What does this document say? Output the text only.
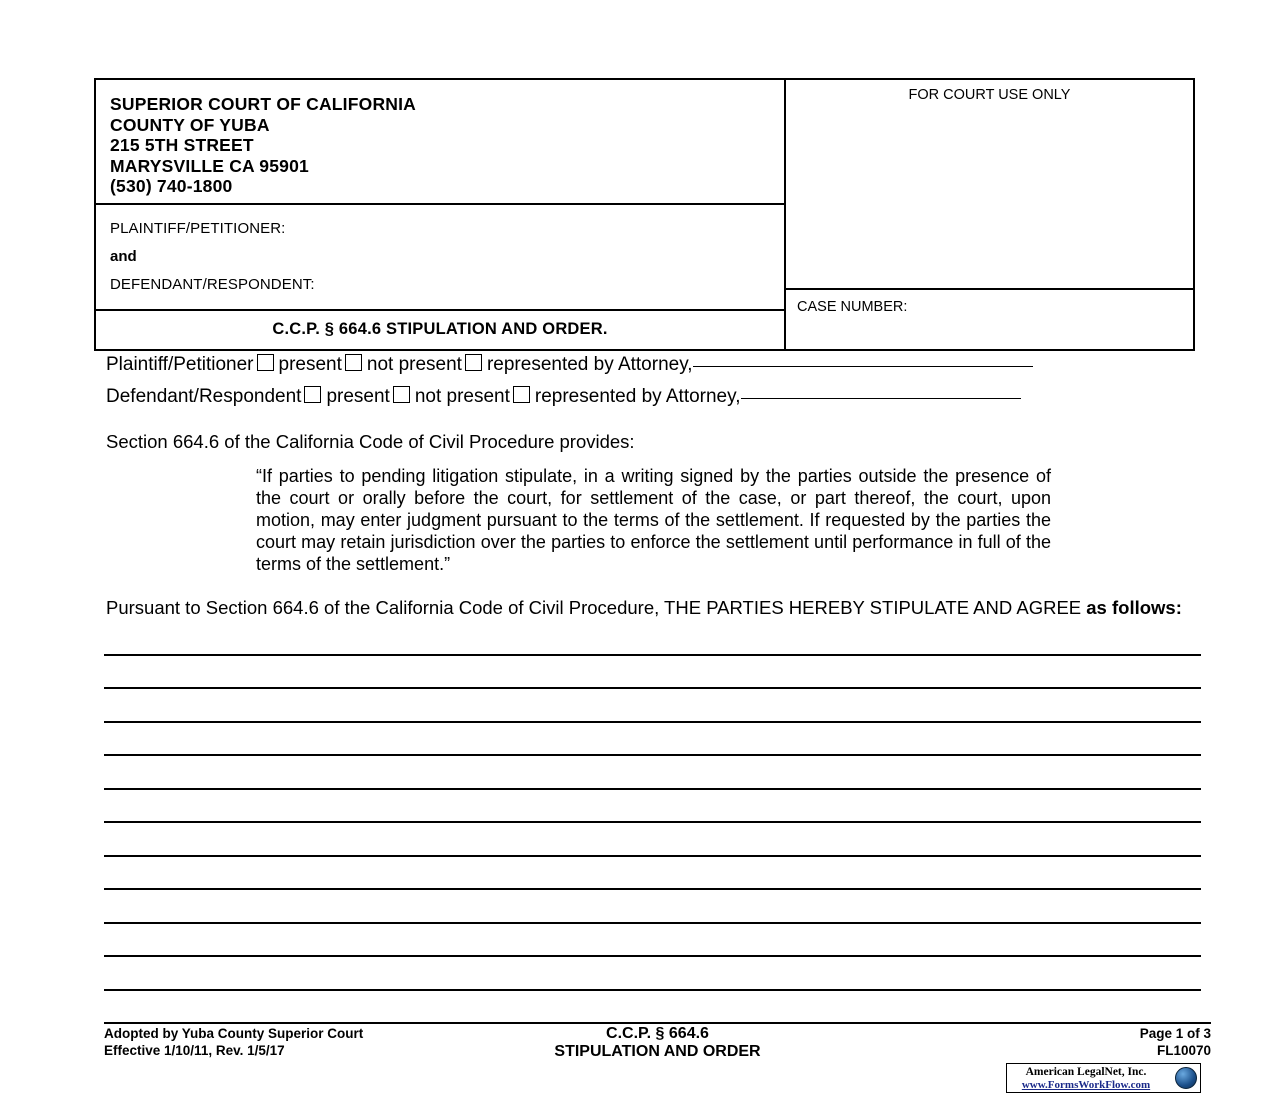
SUPERIOR COURT OF CALIFORNIA
COUNTY OF YUBA
215 5TH STREET
MARYSVILLE CA 95901
(530) 740-1800
PLAINTIFF/PETITIONER:
and
DEFENDANT/RESPONDENT:
C.C.P. § 664.6 STIPULATION AND ORDER.
FOR COURT USE ONLY
CASE NUMBER:
Plaintiff/Petitioner present not present represented by Attorney,
Defendant/Respondent present not present represented by Attorney,
Section 664.6 of the California Code of Civil Procedure provides:
“If parties to pending litigation stipulate, in a writing signed by the parties outside the presence of the court or orally before the court, for settlement of the case, or part thereof, the court, upon motion, may enter judgment pursuant to the terms of the settlement. If requested by the parties the court may retain jurisdiction over the parties to enforce the settlement until performance in full of the terms of the settlement.”
Pursuant to Section 664.6 of the California Code of Civil Procedure, THE PARTIES HEREBY STIPULATE AND AGREE as follows:
Adopted by Yuba County Superior Court
Effective 1/10/11, Rev. 1/5/17
C.C.P. § 664.6
STIPULATION AND ORDER
Page 1 of 3
FL10070
American LegalNet, Inc.
www.FormsWorkFlow.com
